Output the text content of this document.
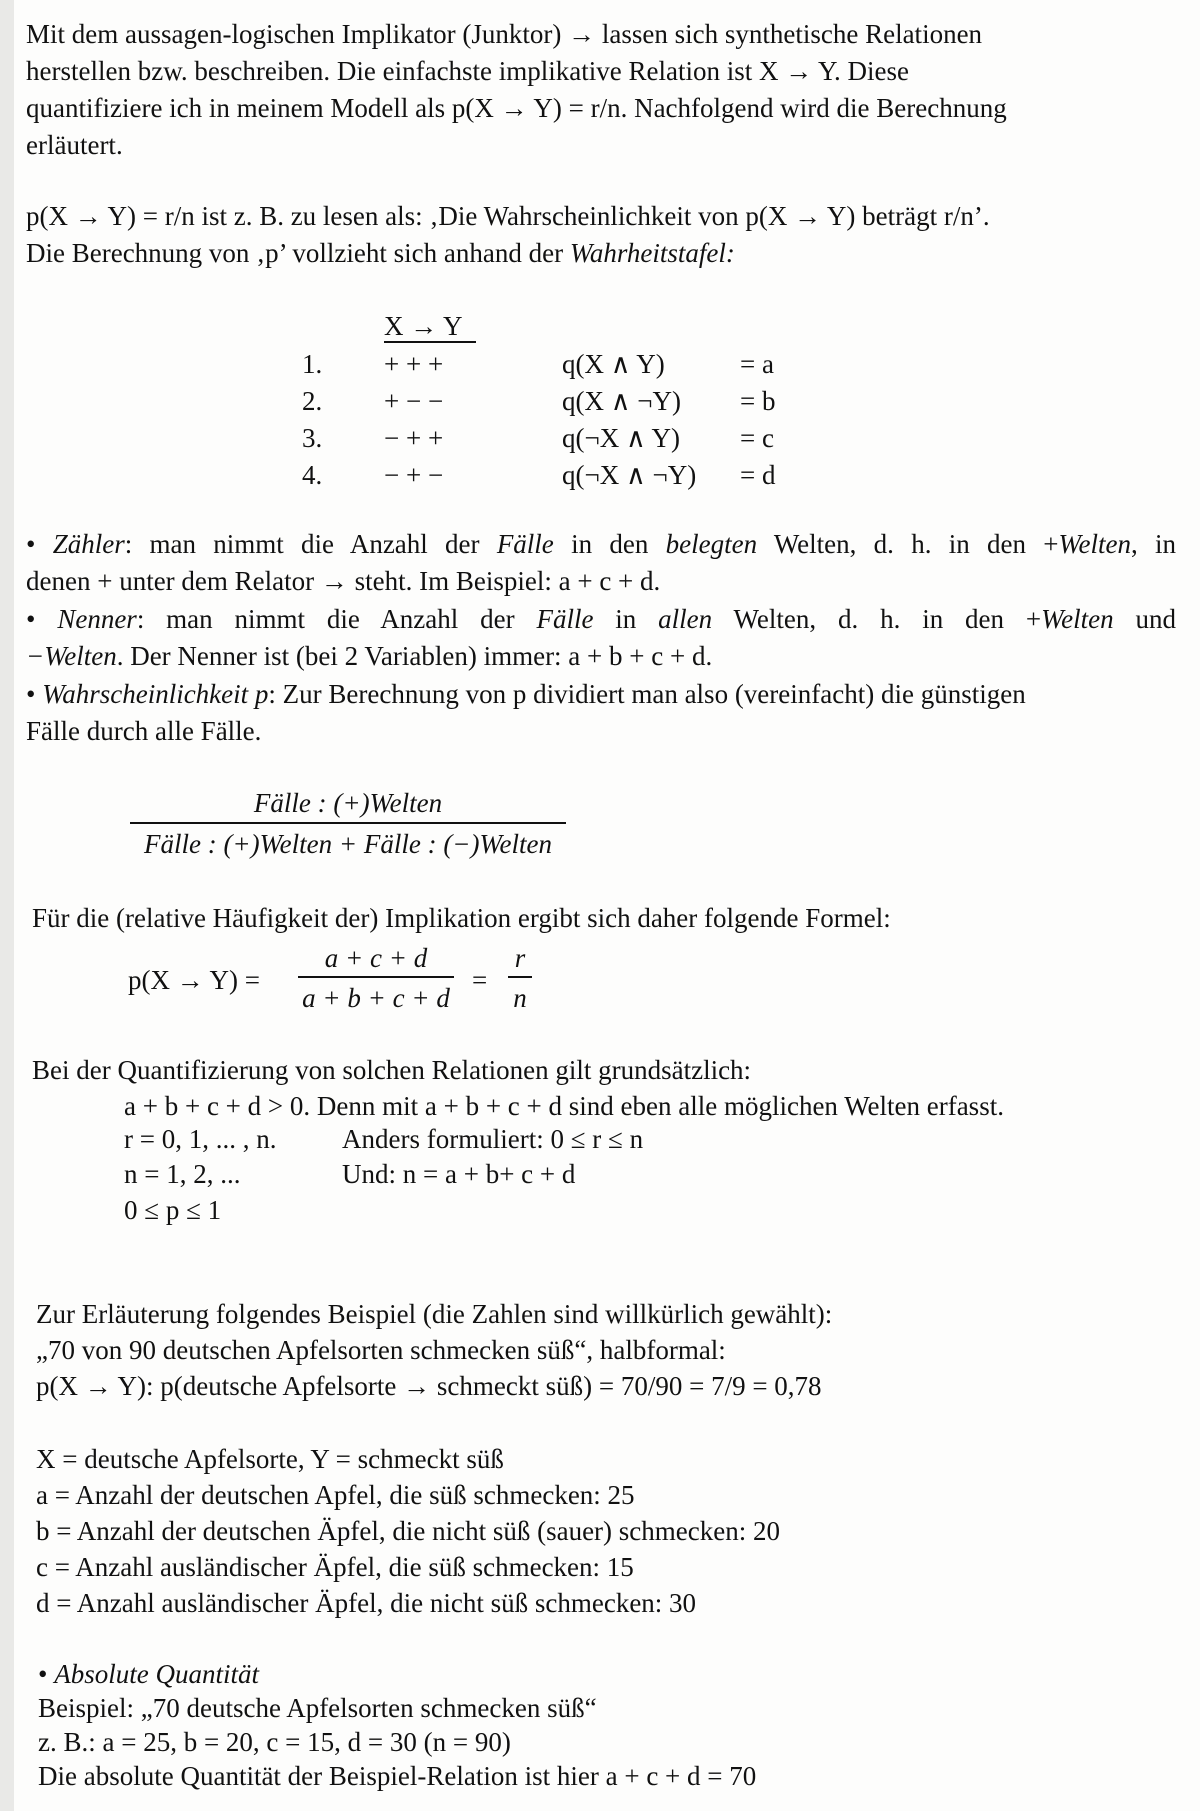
Mit dem aussagen-logischen Implikator (Junktor) → lassen sich synthetische Relationen
herstellen bzw. beschreiben. Die einfachste implikative Relation ist X → Y. Diese
quantifiziere ich in meinem Modell als p(X → Y) = r/n. Nachfolgend wird die Berechnung
erläutert.
p(X → Y) = r/n ist z. B. zu lesen als: ‚Die Wahrscheinlichkeit von p(X → Y) beträgt r/n’.
Die Berechnung von ‚p’ vollzieht sich anhand der Wahrheitstafel:
X → Y
1. + + +	q(X ∧ Y)	= a
2. + − −	q(X ∧ ¬Y) = b
3. − + +	q(¬X ∧ Y) = c
4. − + −	q(¬X ∧ ¬Y) = d
• Zähler: man nimmt die Anzahl der Fälle in den belegten Welten, d. h. in den +Welten, in
denen + unter dem Relator → steht. Im Beispiel: a + c + d.
• Nenner: man nimmt die Anzahl der Fälle in allen Welten, d. h. in den +Welten und
−Welten. Der Nenner ist (bei 2 Variablen) immer: a + b + c + d.
• Wahrscheinlichkeit p: Zur Berechnung von p dividiert man also (vereinfacht) die günstigen
Fälle durch alle Fälle.
Fälle : (+)Welten
Fälle : (+)Welten + Fälle : (−)Welten
Für die (relative Häufigkeit der) Implikation ergibt sich daher folgende Formel:
p(X → Y) =
a + c + d
a + b + c + d
=
r
n
Bei der Quantifizierung von solchen Relationen gilt grundsätzlich:
a + b + c + d > 0. Denn mit a + b + c + d sind eben alle möglichen Welten erfasst.
r = 0, 1, ... , n. Anders formuliert: 0 ≤ r ≤ n
n = 1, 2, ...	Und: n = a + b+ c + d
0 ≤ p ≤ 1
Zur Erläuterung folgendes Beispiel (die Zahlen sind willkürlich gewählt):
„70 von 90 deutschen Apfelsorten schmecken süß“, halbformal:
p(X → Y): p(deutsche Apfelsorte → schmeckt süß) = 70/90 = 7/9 = 0,78
X = deutsche Apfelsorte, Y = schmeckt süß
a = Anzahl der deutschen Apfel, die süß schmecken: 25
b = Anzahl der deutschen Äpfel, die nicht süß (sauer) schmecken: 20
c = Anzahl ausländischer Äpfel, die süß schmecken: 15
d = Anzahl ausländischer Äpfel, die nicht süß schmecken: 30
• Absolute Quantität
Beispiel: „70 deutsche Apfelsorten schmecken süß“
z. B.: a = 25, b = 20, c = 15, d = 30 (n = 90)
Die absolute Quantität der Beispiel-Relation ist hier a + c + d = 70
